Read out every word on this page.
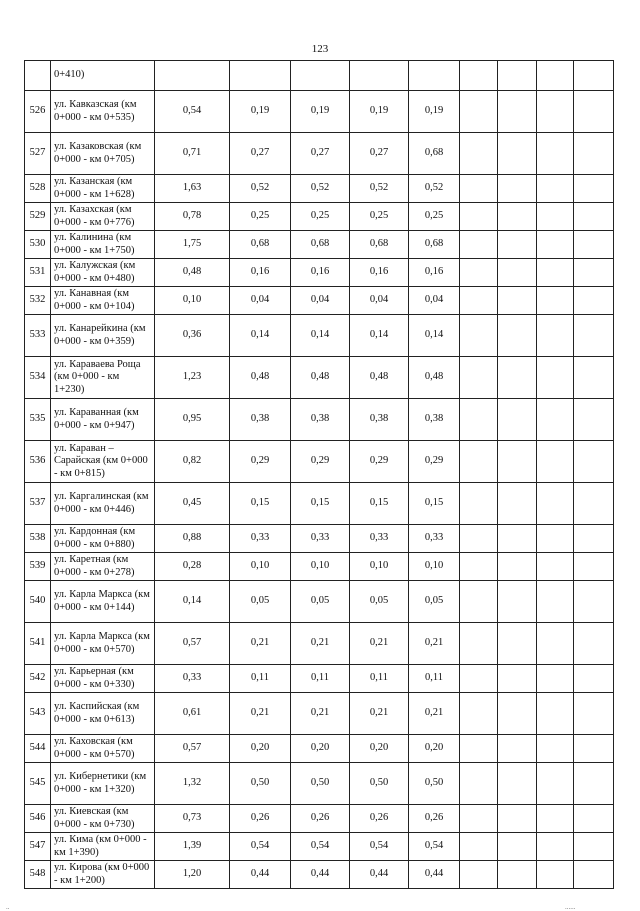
123
	0+410)									
526	ул. Кавказская (км 0+000 - км 0+535)	0,54	0,19	0,19	0,19	0,19				
527	ул. Казаковская (км 0+000 - км 0+705)	0,71	0,27	0,27	0,27	0,68				
528	ул. Казанская (км 0+000 - км 1+628)	1,63	0,52	0,52	0,52	0,52				
529	ул. Казахская (км 0+000 - км 0+776)	0,78	0,25	0,25	0,25	0,25				
530	ул. Калинина (км 0+000 - км 1+750)	1,75	0,68	0,68	0,68	0,68				
531	ул. Калужская (км 0+000 - км 0+480)	0,48	0,16	0,16	0,16	0,16				
532	ул. Канавная (км 0+000 - км 0+104)	0,10	0,04	0,04	0,04	0,04				
533	ул. Канарейкина (км 0+000 - км 0+359)	0,36	0,14	0,14	0,14	0,14				
534	ул. Караваева Роща (км 0+000 - км 1+230)	1,23	0,48	0,48	0,48	0,48				
535	ул. Караванная (км 0+000 - км 0+947)	0,95	0,38	0,38	0,38	0,38				
536	ул. Караван – Сарайская (км 0+000 - км 0+815)	0,82	0,29	0,29	0,29	0,29				
537	ул. Каргалинская (км 0+000 - км 0+446)	0,45	0,15	0,15	0,15	0,15				
538	ул. Кардонная (км 0+000 - км 0+880)	0,88	0,33	0,33	0,33	0,33				
539	ул. Каретная (км 0+000 - км 0+278)	0,28	0,10	0,10	0,10	0,10				
540	ул. Карла Маркса (км 0+000 - км 0+144)	0,14	0,05	0,05	0,05	0,05				
541	ул. Карла Маркса (км 0+000 - км 0+570)	0,57	0,21	0,21	0,21	0,21				
542	ул. Карьерная (км 0+000 - км 0+330)	0,33	0,11	0,11	0,11	0,11				
543	ул. Каспийская (км 0+000 - км 0+613)	0,61	0,21	0,21	0,21	0,21				
544	ул. Каховская (км 0+000 - км 0+570)	0,57	0,20	0,20	0,20	0,20				
545	ул. Кибернетики (км 0+000 - км 1+320)	1,32	0,50	0,50	0,50	0,50				
546	ул. Киевская (км 0+000 - км 0+730)	0,73	0,26	0,26	0,26	0,26				
547	ул. Кима (км 0+000 - км 1+390)	1,39	0,54	0,54	0,54	0,54				
548	ул. Кирова (км 0+000 - км 1+200)	1,20	0,44	0,44	0,44	0,44				
..	......
